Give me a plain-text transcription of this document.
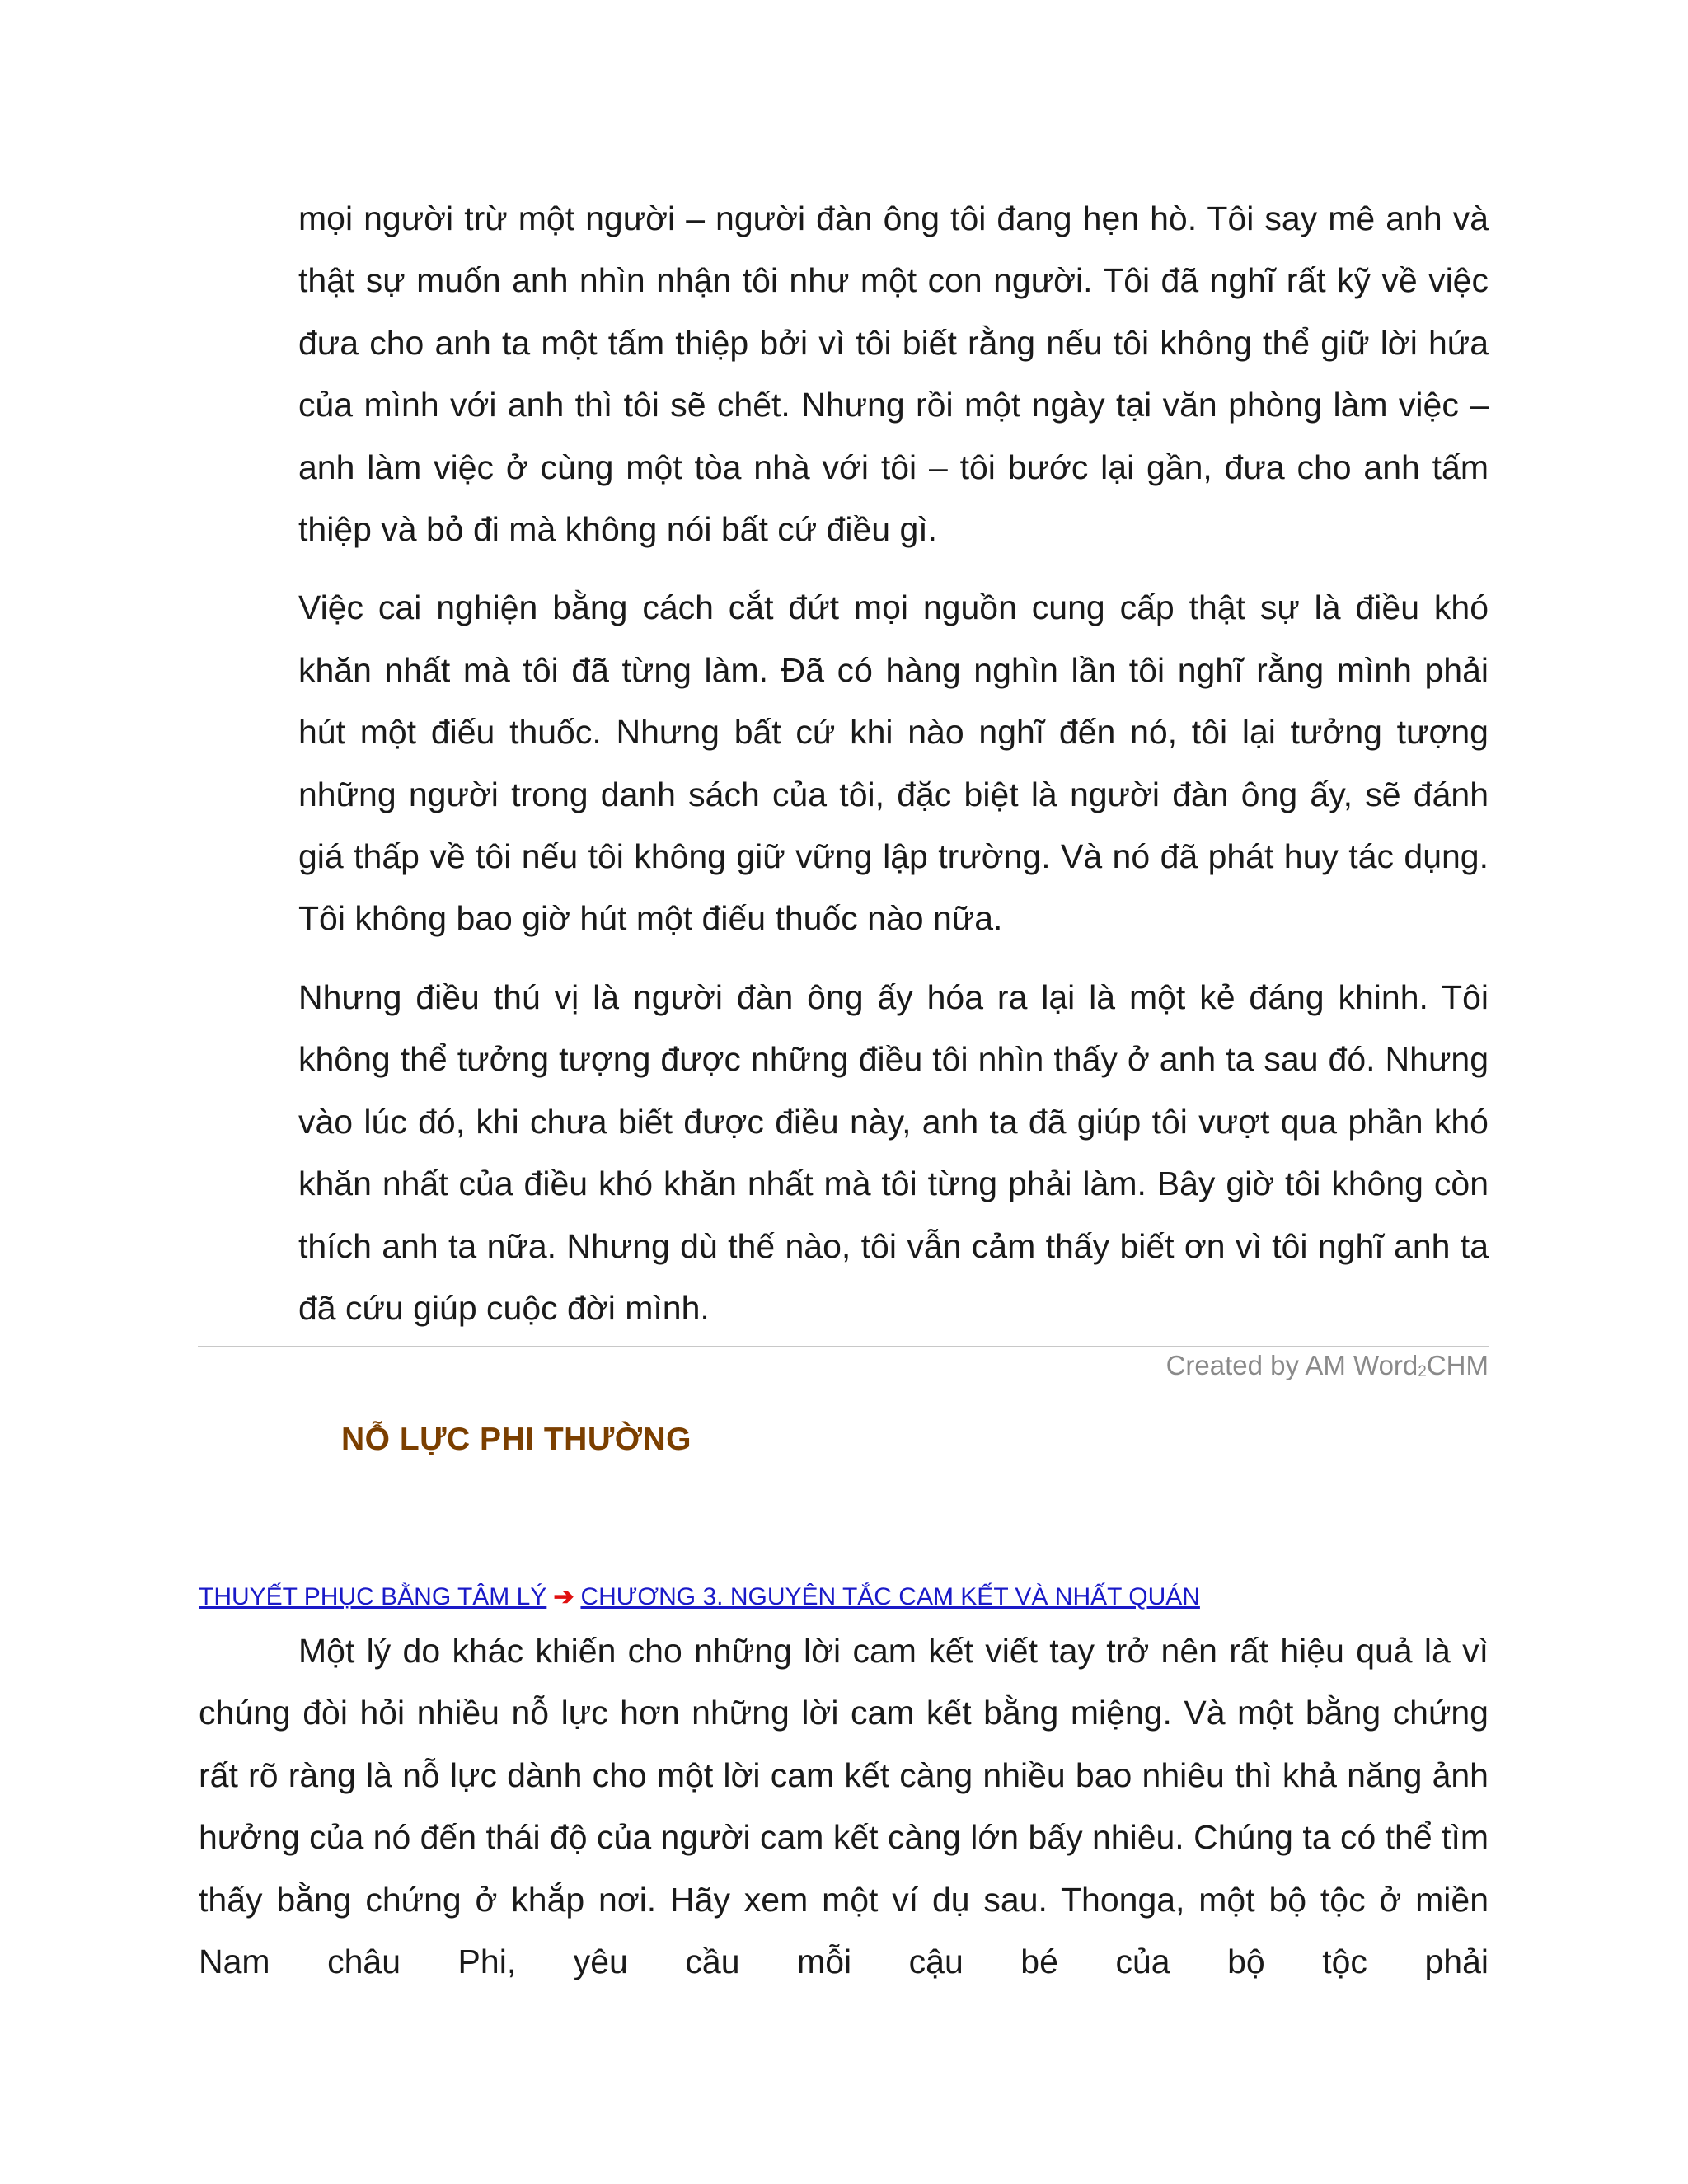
mọi người trừ một người – người đàn ông tôi đang hẹn hò. Tôi say mê anh và thật sự muốn anh nhìn nhận tôi như một con người. Tôi đã nghĩ rất kỹ về việc đưa cho anh ta một tấm thiệp bởi vì tôi biết rằng nếu tôi không thể giữ lời hứa của mình với anh thì tôi sẽ chết. Nhưng rồi một ngày tại văn phòng làm việc – anh làm việc ở cùng một tòa nhà với tôi – tôi bước lại gần, đưa cho anh tấm thiệp và bỏ đi mà không nói bất cứ điều gì.

Việc cai nghiện bằng cách cắt đứt mọi nguồn cung cấp thật sự là điều khó khăn nhất mà tôi đã từng làm. Đã có hàng nghìn lần tôi nghĩ rằng mình phải hút một điếu thuốc. Nhưng bất cứ khi nào nghĩ đến nó, tôi lại tưởng tượng những người trong danh sách của tôi, đặc biệt là người đàn ông ấy, sẽ đánh giá thấp về tôi nếu tôi không giữ vững lập trường. Và nó đã phát huy tác dụng. Tôi không bao giờ hút một điếu thuốc nào nữa.

Nhưng điều thú vị là người đàn ông ấy hóa ra lại là một kẻ đáng khinh. Tôi không thể tưởng tượng được những điều tôi nhìn thấy ở anh ta sau đó. Nhưng vào lúc đó, khi chưa biết được điều này, anh ta đã giúp tôi vượt qua phần khó khăn nhất của điều khó khăn nhất mà tôi từng phải làm. Bây giờ tôi không còn thích anh ta nữa. Nhưng dù thế nào, tôi vẫn cảm thấy biết ơn vì tôi nghĩ anh ta đã cứu giúp cuộc đời mình.

Created by AM Word$_2$CHM
NỖ LỰC PHI THƯỜNG
THUYẾT PHỤC BẰNG TÂM LÝ ➔ CHƯƠNG 3. NGUYÊN TẮC CAM KẾT VÀ NHẤT QUÁN

Một lý do khác khiến cho những lời cam kết viết tay trở nên rất hiệu quả là vì chúng đòi hỏi nhiều nỗ lực hơn những lời cam kết bằng miệng. Và một bằng chứng rất rõ ràng là nỗ lực dành cho một lời cam kết càng nhiều bao nhiêu thì khả năng ảnh hưởng của nó đến thái độ của người cam kết càng lớn bấy nhiêu. Chúng ta có thể tìm thấy bằng chứng ở khắp nơi. Hãy xem một ví dụ sau. Thonga, một bộ tộc ở miền Nam châu Phi, yêu cầu mỗi cậu bé của bộ tộc phải
